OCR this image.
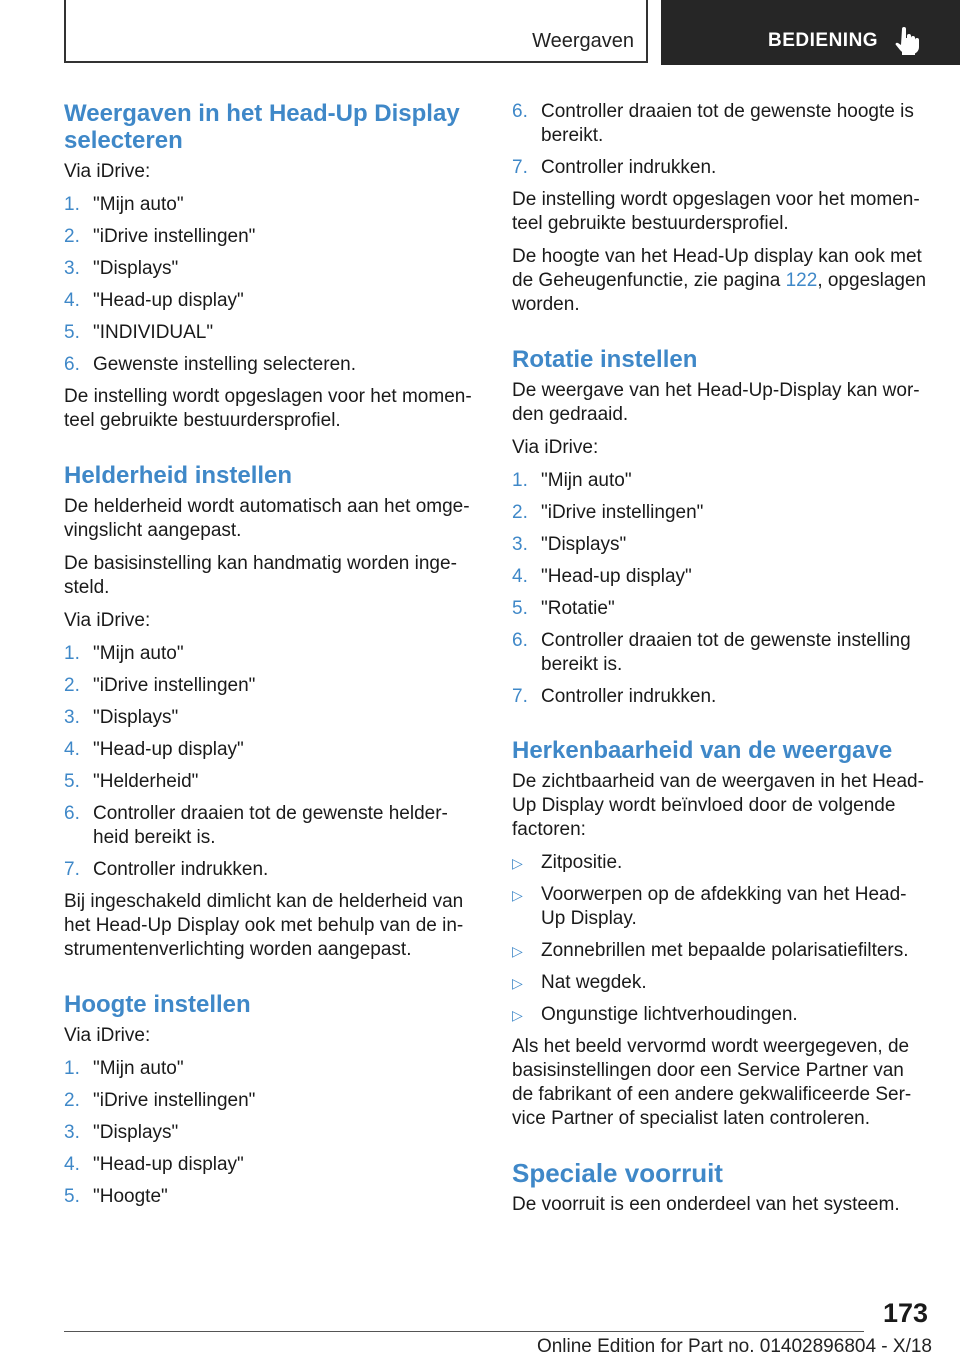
Weergaven	BEDIENING
Weergaven in het Head-Up Display selecteren

Via iDrive:

1. "Mijn auto"
2. "iDrive instellingen"
3. "Displays"
4. "Head-up display"
5. "INDIVIDUAL"
6. Gewenste instelling selecteren.

De instelling wordt opgeslagen voor het momen-teel gebruikte bestuurdersprofiel.

Helderheid instellen

De helderheid wordt automatisch aan het omge-vingslicht aangepast.

De basisinstelling kan handmatig worden inge-steld.

Via iDrive:

1. "Mijn auto"
2. "iDrive instellingen"
3. "Displays"
4. "Head-up display"
5. "Helderheid"
6. Controller draaien tot de gewenste helder-heid bereikt is.
7. Controller indrukken.

Bij ingeschakeld dimlicht kan de helderheid van het Head-Up Display ook met behulp van de in-strumentenverlichting worden aangepast.

Hoogte instellen

Via iDrive:

1. "Mijn auto"
2. "iDrive instellingen"
3. "Displays"
4. "Head-up display"
5. "Hoogte"
6. Controller draaien tot de gewenste hoogte is bereikt.
7. Controller indrukken.

De instelling wordt opgeslagen voor het momen-teel gebruikte bestuurdersprofiel.

De hoogte van het Head-Up display kan ook met de Geheugenfunctie, zie pagina 122, opgeslagen worden.

Rotatie instellen

De weergave van het Head-Up-Display kan wor-den gedraaid.

Via iDrive:

1. "Mijn auto"
2. "iDrive instellingen"
3. "Displays"
4. "Head-up display"
5. "Rotatie"
6. Controller draaien tot de gewenste instelling bereikt is.
7. Controller indrukken.
Herkenbaarheid van de weergave

De zichtbaarheid van de weergaven in het Head-Up Display wordt beïnvloed door de volgende factoren:

▷ Zitpositie.
▷ Voorwerpen op de afdekking van het Head-Up Display.
▷ Zonnebrillen met bepaalde polarisatiefilters.
▷ Nat wegdek.
▷ Ongunstige lichtverhoudingen.

Als het beeld vervormd wordt weergegeven, de basisinstellingen door een Service Partner van de fabrikant of een andere gekwalificeerde Ser-vice Partner of specialist laten controleren.

Speciale voorruit

De voorruit is een onderdeel van het systeem.

173
Online Edition for Part no. 01402896804 - X/18
